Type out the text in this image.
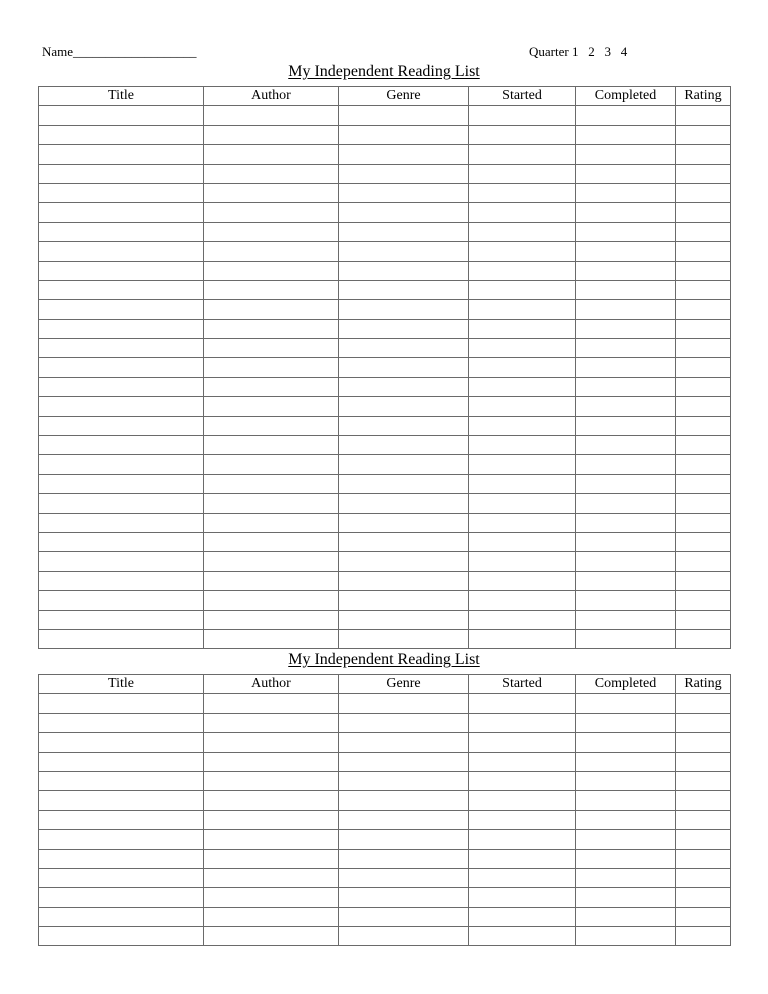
Name___________________	Quarter 1   2   3   4
My Independent Reading List
Title	Author	Genre	Started	Completed	Rating

My Independent Reading List
Title	Author	Genre	Started	Completed	Rating
